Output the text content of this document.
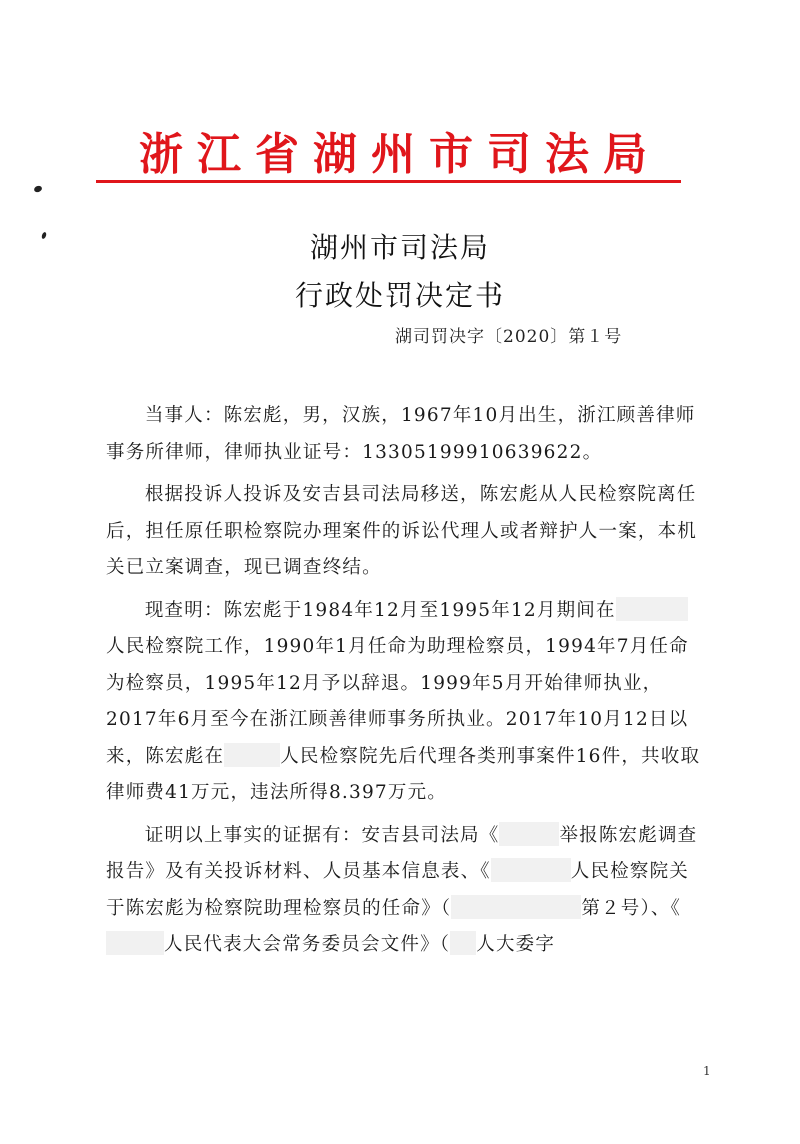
浙江省湖州市司法局
湖州市司法局
行政处罚决定书
湖司罚决字〔2020〕第１号

当事人：陈宏彪，男，汉族，1967年10月出生，浙江顾善律师事务所律师，律师执业证号：13305199910639622。

根据投诉人投诉及安吉县司法局移送，陈宏彪从人民检察院离任后，担任原任职检察院办理案件的诉讼代理人或者辩护人一案，本机关已立案调查，现已调查终结。

现查明：陈宏彪于1984年12月至1995年12月期间在人民检察院工作，1990年1月任命为助理检察员，1994年7月任命为检察员，1995年12月予以辞退。1999年5月开始律师执业，2017年6月至今在浙江顾善律师事务所执业。2017年10月12日以来，陈宏彪在	人民检察院先后代理各类刑事案件16件，共收取律师费41万元，违法所得8.397万元。

证明以上事实的证据有：安吉县司法局《	举报陈宏彪调查报告》及有关投诉材料、人员基本信息表、《	人民检察院关于陈宏彪为检察院助理检察员的任命》（	第２号）、《人民代表大会常务委员会文件》（ 人大委字

1
